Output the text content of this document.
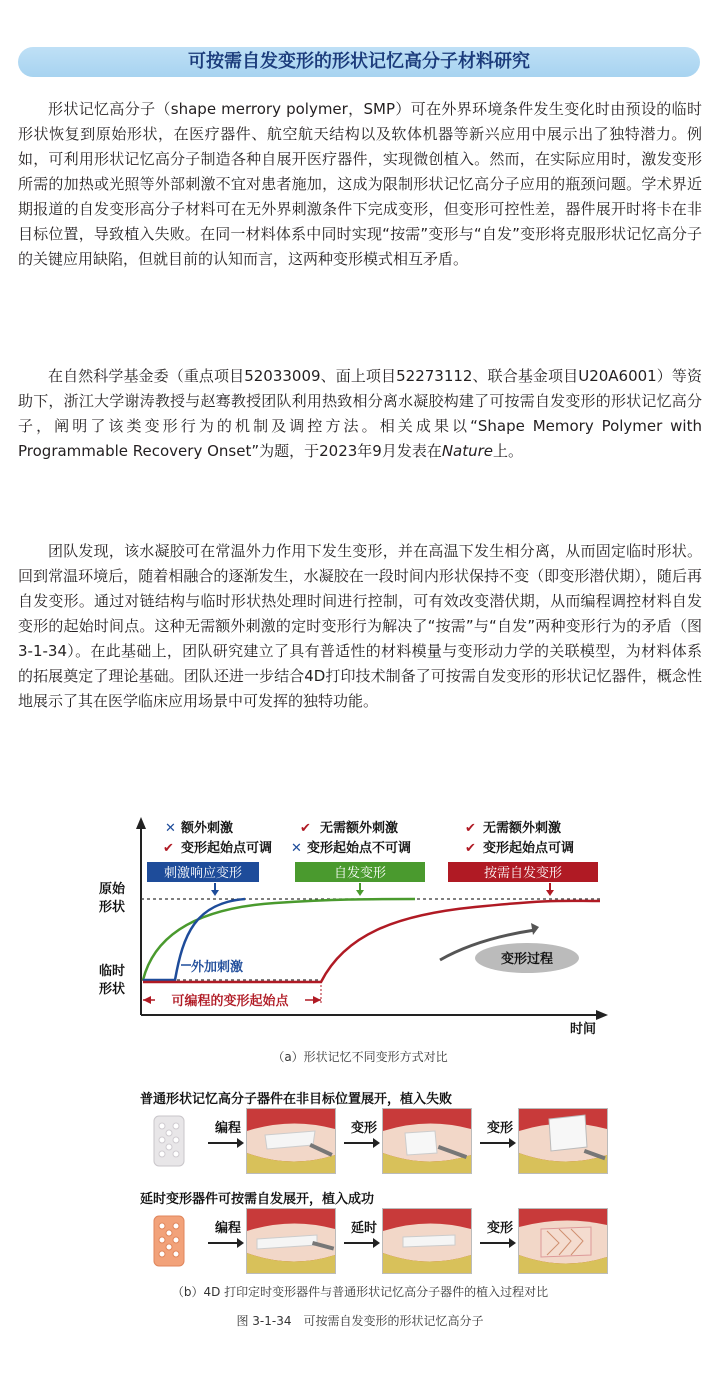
可按需自发变形的形状记忆高分子材料研究

形状记忆高分子（shape merrory polymer，SMP）可在外界环境条件发生变化时由预设的临时形状恢复到原始形状，在医疗器件、航空航天结构以及软体机器等新兴应用中展示出了独特潜力。例如，可利用形状记忆高分子制造各种自展开医疗器件，实现微创植入。然而，在实际应用时，激发变形所需的加热或光照等外部刺激不宜对患者施加，这成为限制形状记忆高分子应用的瓶颈问题。学术界近期报道的自发变形高分子材料可在无外界刺激条件下完成变形，但变形可控性差，器件展开时将卡在非目标位置，导致植入失败。在同一材料体系中同时实现“按需”变形与“自发”变形将克服形状记忆高分子的关键应用缺陷，但就目前的认知而言，这两种变形模式相互矛盾。

在自然科学基金委（重点项目52033009、面上项目52273112、联合基金项目U20A6001）等资助下，浙江大学谢涛教授与赵骞教授团队利用热致相分离水凝胶构建了可按需自发变形的形状记忆高分子，阐明了该类变形行为的机制及调控方法。相关成果以“Shape Memory Polymer with Programmable Recovery Onset”为题，于2023年9月发表在Nature上。

团队发现，该水凝胶可在常温外力作用下发生变形，并在高温下发生相分离，从而固定临时形状。回到常温环境后，随着相融合的逐渐发生，水凝胶在一段时间内形状保持不变（即变形潜伏期），随后再自发变形。通过对链结构与临时形状热处理时间进行控制，可有效改变潜伏期，从而编程调控材料自发变形的起始时间点。这种无需额外刺激的定时变形行为解决了“按需”与“自发”两种变形行为的矛盾（图3-1-34）。在此基础上，团队研究建立了具有普适性的材料模量与变形动力学的关联模型，为材料体系的拓展奠定了理论基础。团队还进一步结合4D打印技术制备了可按需自发变形的形状记忆器件，概念性地展示了其在医学临床应用场景中可发挥的独特功能。

✕ 额外刺激
✔ 变形起始点可调
刺激响应变形
✔ 无需额外刺激
✕ 变形起始点不可调
自发变形
✔ 无需额外刺激
✔ 变形起始点可调
按需自发变形
原始
形状
临时
形状
外加刺激
变形过程
可编程的变形起始点
时间
（a）形状记忆不同变形方式对比
普通形状记忆高分子器件在非目标位置展开，植入失败
编程	变形	变形
延时变形器件可按需自发展开，植入成功
编程	延时	变形
（b）4D 打印定时变形器件与普通形状记忆高分子器件的植入过程对比
图 3-1-34　可按需自发变形的形状记忆高分子
